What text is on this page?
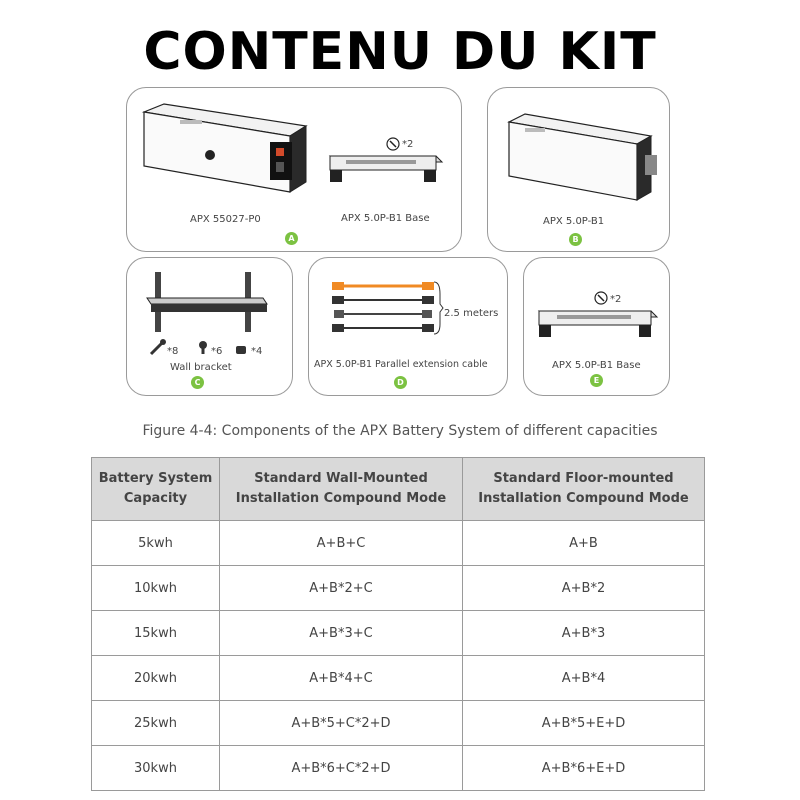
CONTENU DU KIT
*2
APX 55027-P0	APX 5.0P-B1 Base
A
APX 5.0P-B1
B
*8	*6	*4
Wall bracket
C
2.5 meters
APX 5.0P-B1 Parallel extension cable
D
*2
APX 5.0P-B1 Base
E
Figure 4-4: Components of the APX Battery System of different capacities
Battery System Capacity	Standard Wall-Mounted Installation Compound Mode	Standard Floor-mounted Installation Compound Mode
5kwh	A+B+C	A+B
10kwh	A+B*2+C	A+B*2
15kwh	A+B*3+C	A+B*3
20kwh	A+B*4+C	A+B*4
25kwh	A+B*5+C*2+D	A+B*5+E+D
30kwh	A+B*6+C*2+D	A+B*6+E+D
